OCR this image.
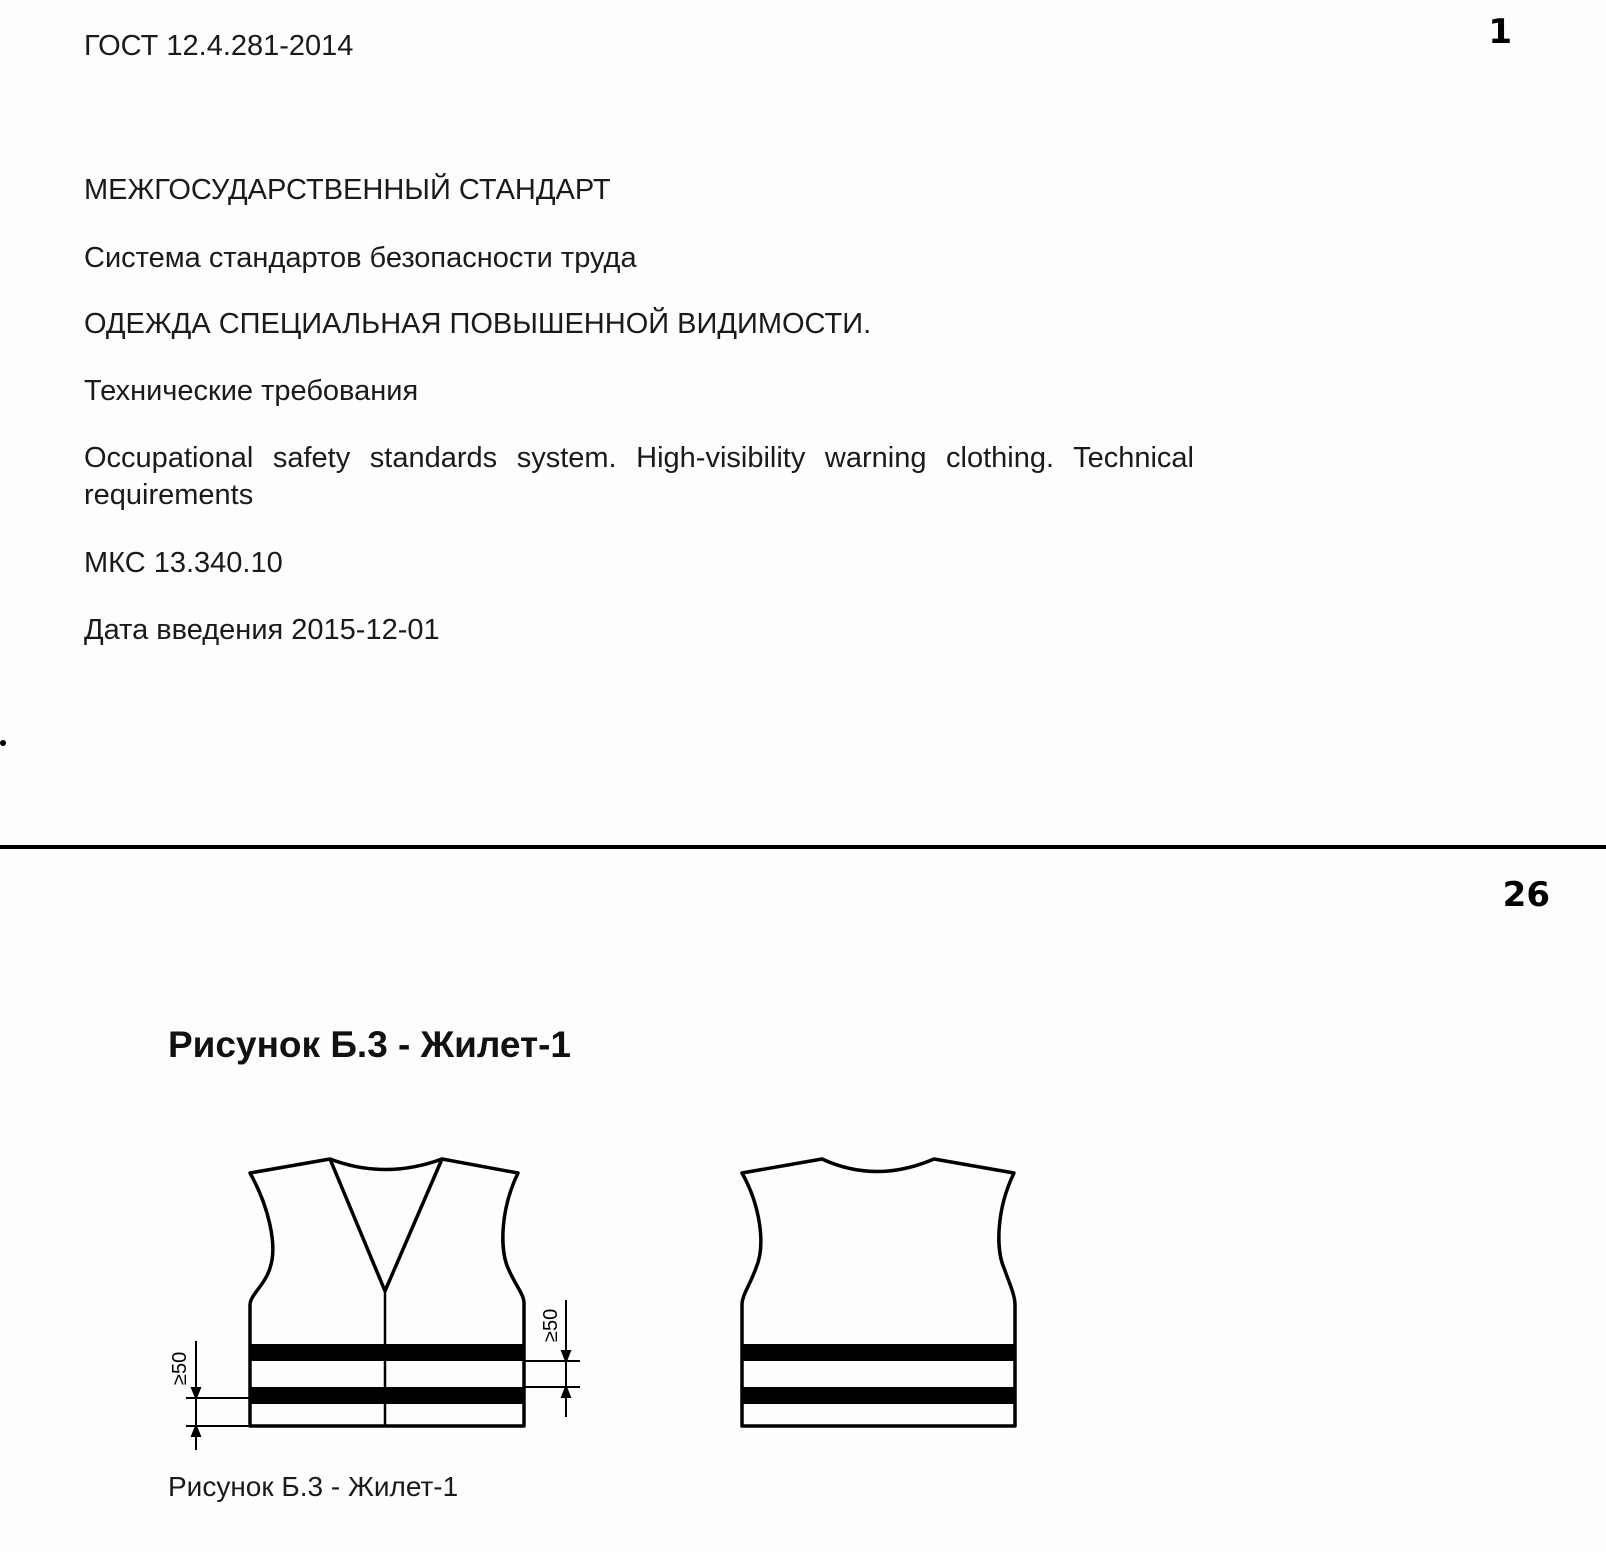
1
ГОСТ 12.4.281-2014
МЕЖГОСУДАРСТВЕННЫЙ СТАНДАРТ
Система стандартов безопасности труда
ОДЕЖДА СПЕЦИАЛЬНАЯ ПОВЫШЕННОЙ ВИДИМОСТИ.
Технические требования
Occupational safety standards system. High-visibility warning clothing. Technical requirements
МКС 13.340.10
Дата введения 2015-12-01
26
Рисунок Б.3 - Жилет-1
≥50
≥50
Рисунок Б.3 - Жилет-1
